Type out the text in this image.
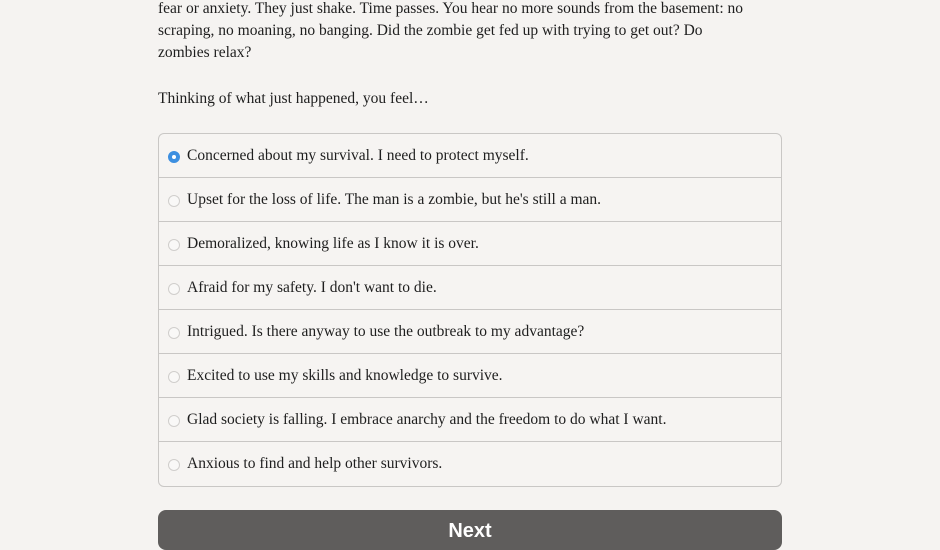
fear or anxiety. They just shake. Time passes. You hear no more sounds from the basement: no
scraping, no moaning, no banging. Did the zombie get fed up with trying to get out? Do
zombies relax?

Thinking of what just happened, you feel…

Concerned about my survival. I need to protect myself.
Upset for the loss of life. The man is a zombie, but he's still a man.
Demoralized, knowing life as I know it is over.
Afraid for my safety. I don't want to die.
Intrigued. Is there anyway to use the outbreak to my advantage?
Excited to use my skills and knowledge to survive.
Glad society is falling. I embrace anarchy and the freedom to do what I want.
Anxious to find and help other survivors.
Next
